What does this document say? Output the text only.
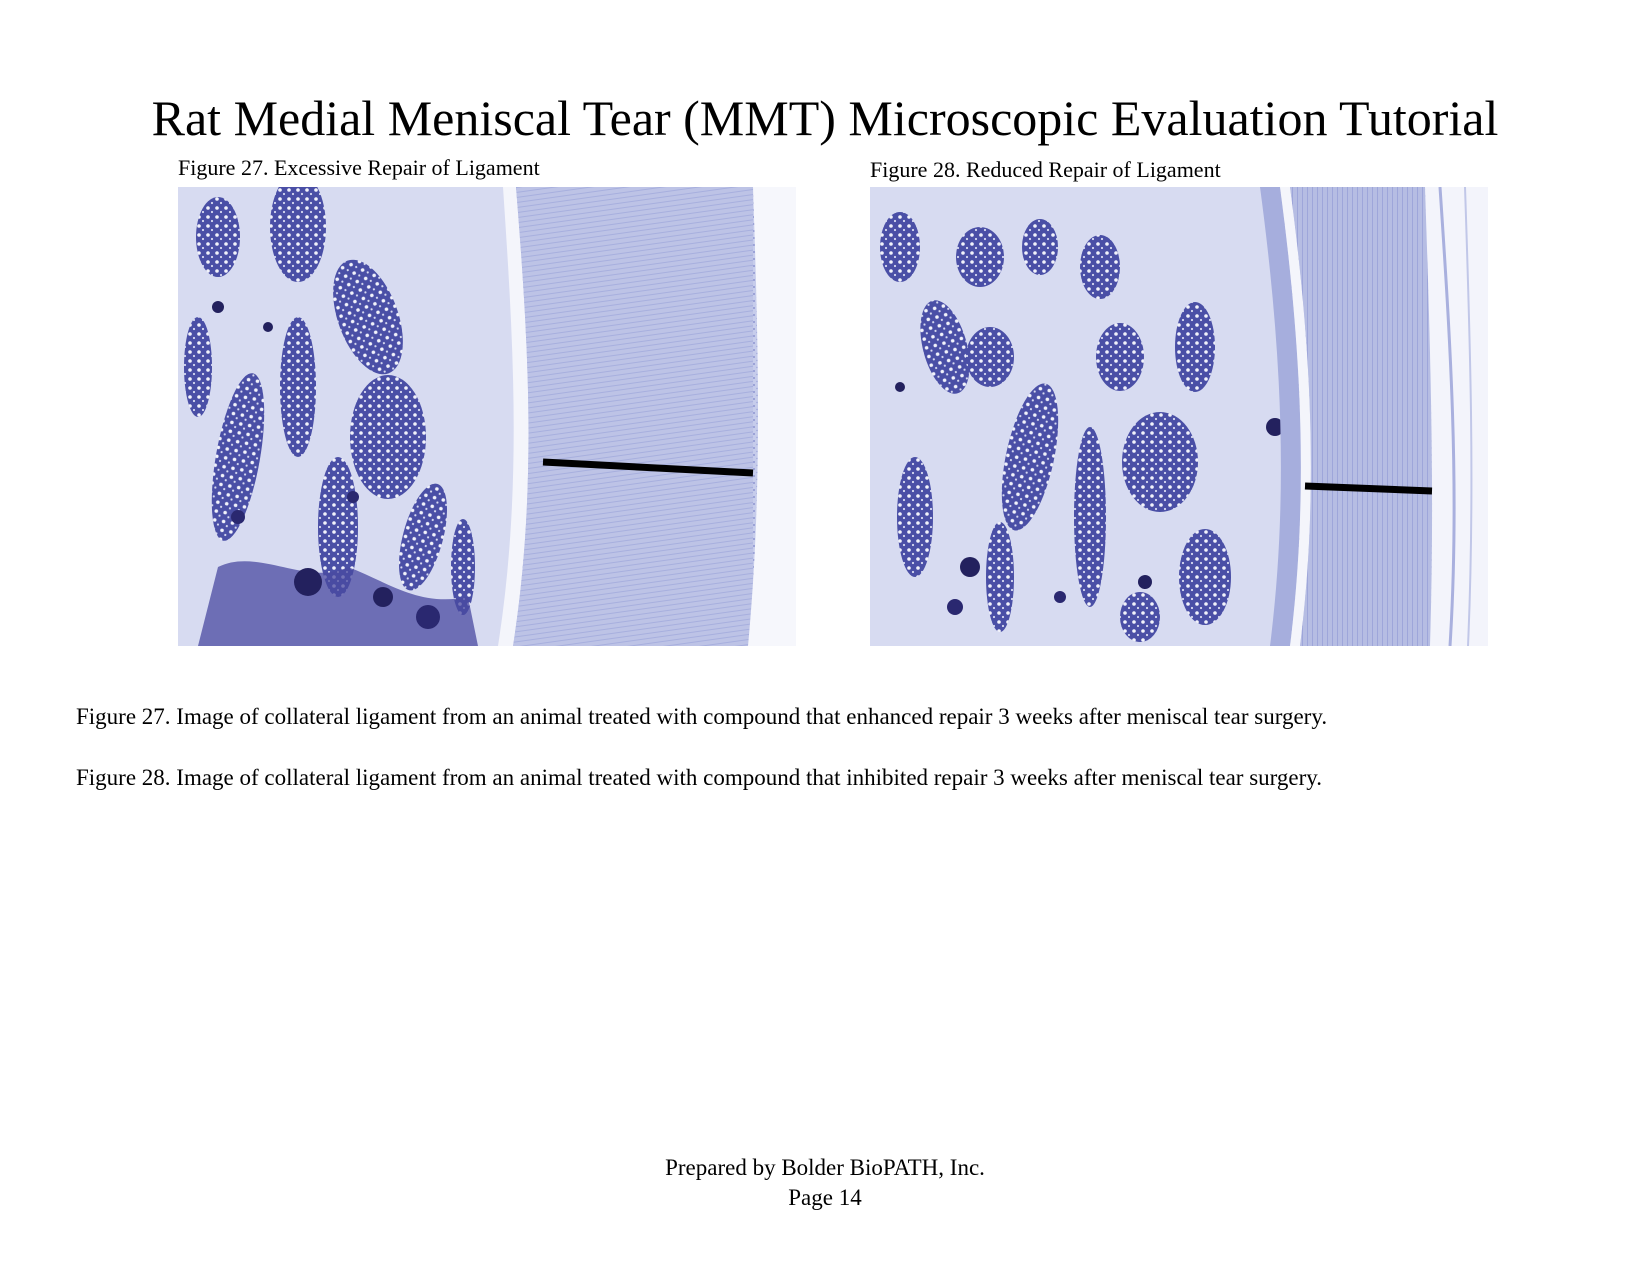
Rat Medial Meniscal Tear (MMT) Microscopic Evaluation Tutorial
Figure 27. Excessive Repair of Ligament	Figure 28. Reduced Repair of Ligament
Figure 27. Image of collateral ligament from an animal treated with compound that enhanced repair 3 weeks after meniscal tear surgery.
Figure 28. Image of collateral ligament from an animal treated with compound that inhibited repair 3 weeks after meniscal tear surgery.
Prepared by Bolder BioPATH, Inc.
Page 14
